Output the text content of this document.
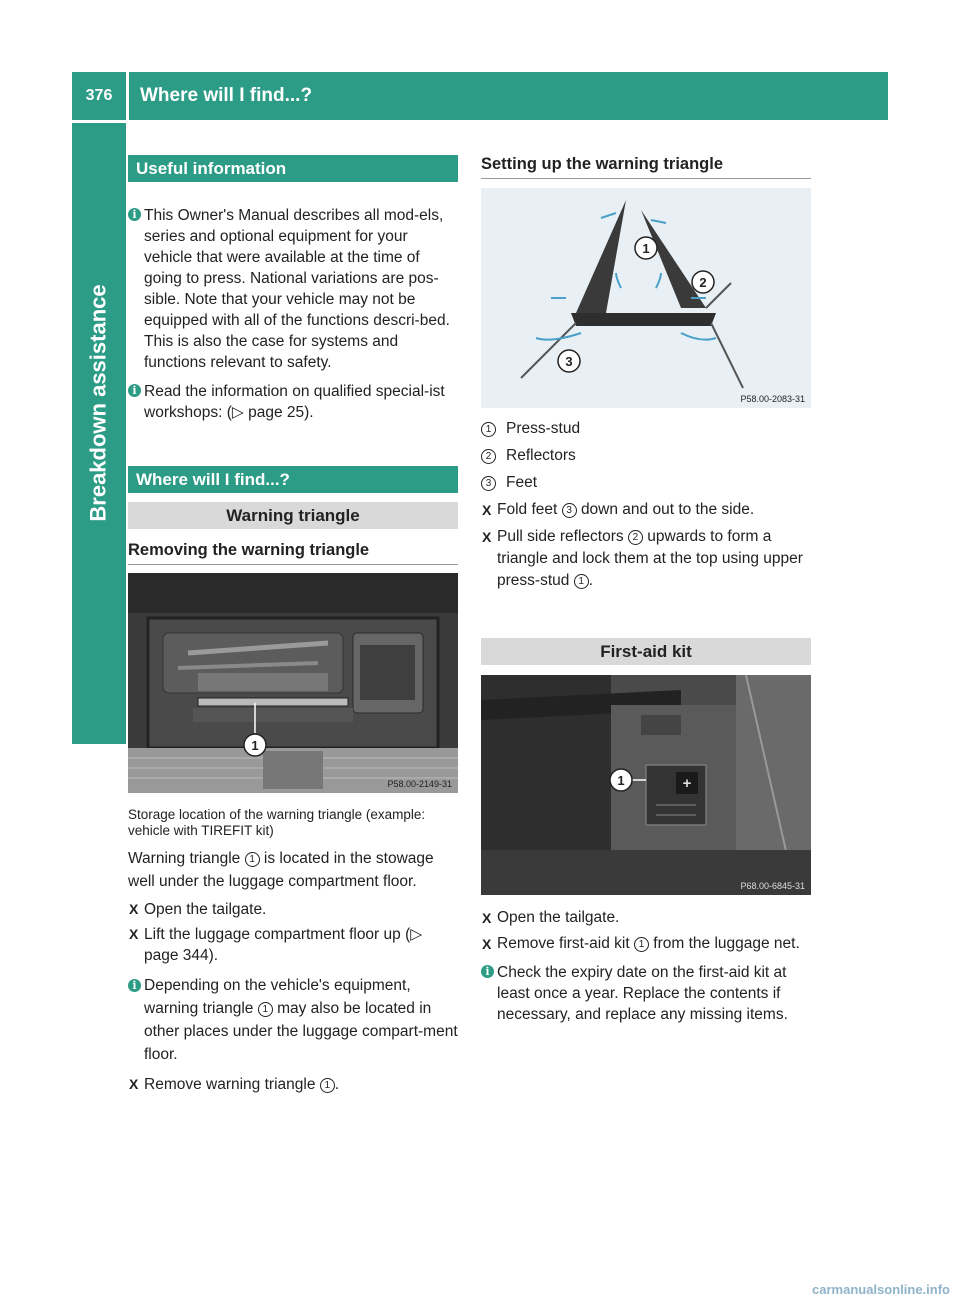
376	Where will I find...?
Breakdown assistance
Useful information
i This Owner's Manual describes all mod-els, series and optional equipment for your vehicle that were available at the time of going to press. National variations are pos-sible. Note that your vehicle may not be equipped with all of the functions descri-bed. This is also the case for systems and functions relevant to safety.

i Read the information on qualified special-ist workshops: (▷ page 25).

Where will I find...?
Warning triangle
Removing the warning triangle
1
P58.00-2149-31

Storage location of the warning triangle (example: vehicle with TIREFIT kit)

Warning triangle 1 is located in the stowage well under the luggage compartment floor.

X Open the tailgate.
X Lift the luggage compartment floor up (▷ page 344).
i Depending on the vehicle's equipment, warning triangle 1 may also be located in other places under the luggage compart-ment floor.
X Remove warning triangle 1 .
Setting up the warning triangle
1
2
3
P58.00-2083-31
1 Press-stud
2 Reflectors
3 Feet
X Fold feet 3 down and out to the side.
X Pull side reflectors 2 upwards to form a triangle and lock them at the top using upper press-stud 1 .
First-aid kit
+
1
P68.00-6845-31
X Open the tailgate.
X Remove first-aid kit 1 from the luggage net.
i Check the expiry date on the first-aid kit at least once a year. Replace the contents if necessary, and replace any missing items.

carmanualsonline.info
